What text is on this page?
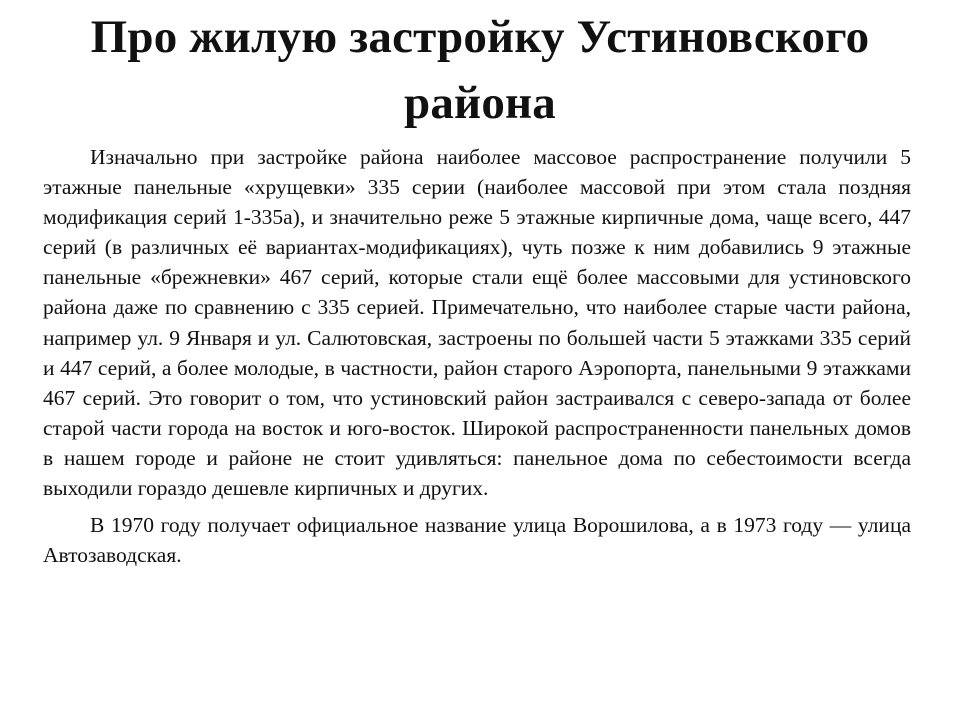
Про жилую застройку Устиновского района

Изначально при застройке района наиболее массовое распространение получили 5 этажные панельные «хрущевки» 335 серии (наиболее массовой при этом стала поздняя модификация серий 1-335а), и значительно реже 5 этажные кирпичные дома, чаще всего, 447 серий (в различных её вариантах-модификациях), чуть позже к ним добавились 9 этажные панельные «брежневки» 467 серий, которые стали ещё более массовыми для устиновского района даже по сравнению с 335 серией. Примечательно, что наиболее старые части района, например ул. 9 Января и ул. Салютовская, застроены по большей части 5 этажками 335 серий и 447 серий, а более молодые, в частности, район старого Аэропорта, панельными 9 этажками 467 серий. Это говорит о том, что устиновский район застраивался с северо-запада от более старой части города на восток и юго-восток. Широкой распространенности панельных домов в нашем городе и районе не стоит удивляться: панельное дома по себестоимости всегда выходили гораздо дешевле кирпичных и других.

В 1970 году получает официальное название улица Ворошилова, а в 1973 году — улица Автозаводская.
